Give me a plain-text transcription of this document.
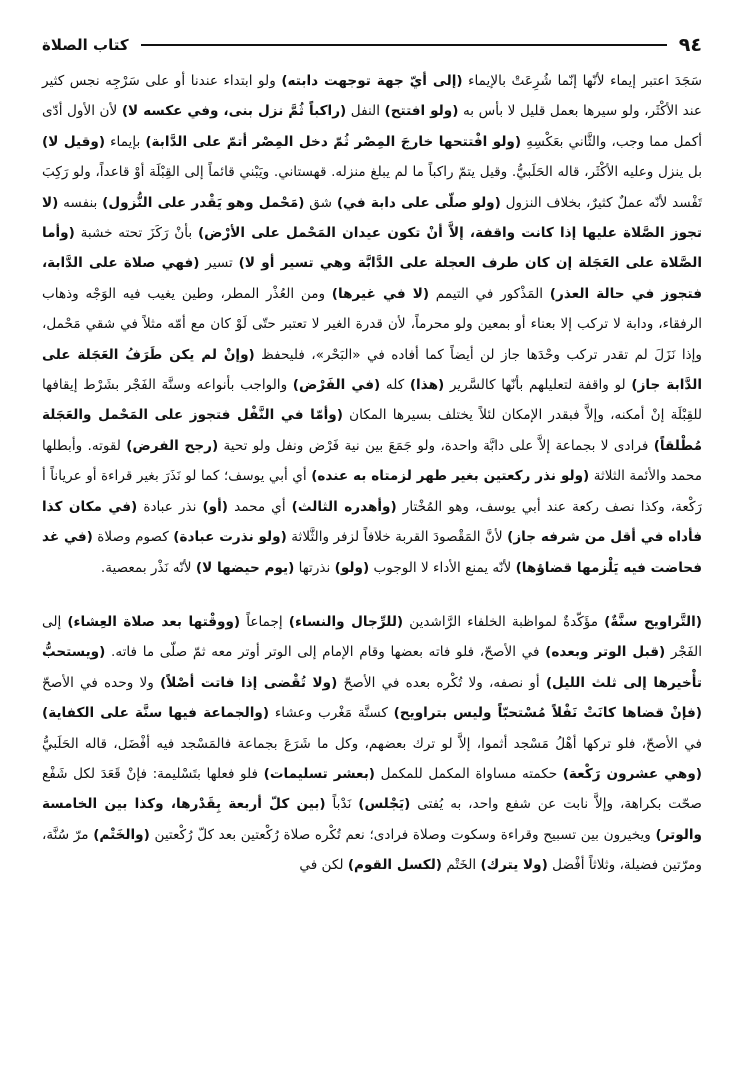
٩٤
كتاب الصلاة

سَجَدَ اعتبر إيماء لأنّها إنّما شُرِعَتْ بالإيماء (إلى أيّ جهة توجهت دابته) ولو ابتداء عندنا أو على سَرْجِه نجس كثير عند الأكْثَر، ولو سيرها بعمل قليل لا بأس به (ولو افتتح) النفل (راكباً ثُمَّ نزل بنى، وفي عكسه لا) لأن الأول أدّى أكمل مما وجب، والثَّاني بعَكْسِهِ (ولو افْتتحها خارجَ المِصْر ثُمّ دخل المِصْر أتمّ على الدَّابة) بإيماء (وقيل لا) بل ينزل وعليه الأكْثَر، قاله الحَلَبيُّ. وقيل يتمّ راكباً ما لم يبلغ منزله. قهستاني. ويَبْني قائماً إلى القِبْلَة أوْ قاعداً، ولو رَكِبَ تَفْسد لأنّه عملٌ كثيرٌ، بخلاف النزول (ولو صلّى على دابة في) شق (مَحْمل وهو يَقْدر على النُّزول) بنفسه (لا تجوز الصَّلاة عليها إذا كانت واقفة، إلاَّ أنْ تكون عيدان المَحْمل على الأرْض) بأنْ رَكَزَ تحته خشبة (وأما الصَّلاة على العَجَلة إن كان طرف العجلة على الدَّابَّة وهي تسير أو لا) تسير (فهي صلاة على الدَّابة، فتجوز في حالة العذر) المَذْكور في التيمم (لا في غيرها) ومن العُذْر المطر، وطين يغيب فيه الوَجْه وذهاب الرفقاء، ودابة لا تركب إلا بعناء أو بمعين ولو محرماً، لأن قدرة الغير لا تعتبر حتّى لَوْ كان مع أمّه مثلاً في شقي مَحْمل، وإذا نَزَلَ لم تقدر تركب وحْدَها جاز لن أيضاً كما أفاده في «البَحْر»، فليحفظ (وإنْ لم يكن طَرَفُ العَجَلة على الدَّابة جاز) لو واقفة لتعليلهم بأنّها كالسَّرير (هذا) كله (في الفَرْض) والواجب بأنواعه وسنَّة الفَجْر بشَرْط إيقافها للقِبْلَة إنْ أمكنه، وإلاَّ فبقدر الإمكان لئلاً يختلف بسيرها المكان (وأمّا في النَّفْل فتجوز على المَحْمل والعَجَلة مُطْلقاً) فرادى لا بجماعة إلاَّ على دابَّة واحدة، ولو جَمَعَ بين نية فَرْض ونفل ولو تحية (رجح الفرض) لقوته. وأبطلها محمد والأئمة الثلاثة (ولو نذر ركعتين بغير طهر لزمتاه به عنده) أي أبي يوسف؛ كما لو نَذَرَ بغير قراءة أو عرياناً أ رَكْعة، وكذا نصف ركعة عند أبي يوسف، وهو المُخْتار (وأهدره الثالث) أي محمد (أو) نذر عبادة (في مكان كذا فأداه في أقل من شرفه جاز) لأنَّ المَقْصودَ القربة خلافاً لزفر والثَّلاثة (ولو نذرت عبادة) كصوم وصلاة (في غد فحاضت فيه يَلْزمها قضاؤها) لأنّه يمنع الأداء لا الوجوب (ولو) نذرتها (يوم حيضها لا) لأنّه نَذْر بمعصية.

(التَّراويح سنَّةٌ) مؤَكّدةٌ لمواظبة الخلفاء الرَّاشدين (للرِّجال والنساء) إجماعاً (ووقْتها بعد صلاة العِشاء) إلى الفَجْر (قبل الوتر وبعده) في الأصحّ، فلو فاته بعضها وقام الإمام إلى الوتر أوتر معه ثمّ صلّى ما فاته. (ويستحبُّ تأْخيرها إلى ثلث الليل) أو نصفه، ولا تُكْره بعده في الأصحّ (ولا تُقْضى إذا فاتت أصْلاً) ولا وحده في الأصحّ (فإنْ قضاها كانَتْ نَفْلاً مُسْتحبّاً وليس بتراويح) كسنَّة مَغْرب وعشاء (والجماعة فيها سنَّة على الكفاية) في الأصحّ، فلو تركها أهْلُ مَسْجد أثموا، إلاَّ لو ترك بعضهم، وكل ما شَرَعَ بجماعة فالمَسْجد فيه أفْضَل، قاله الحَلَبيُّ (وهي عشرون رَكْعة) حكمته مساواة المكمل للمكمل (بعشر تسليمات) فلو فعلها بتَسْليمة: فإنْ قَعَدَ لكل شَفْع صحّت بكراهة، وإلاَّ نابت عن شفع واحد، به يُفتى (يَجْلس) نَدْباً (بين كلّ أربعة بِقَدْرها، وكذا بين الخامسة والوتر) ويخيرون بين تسبيح وقراءة وسكوت وصلاة فرادى؛ نعم تُكْره صلاة رُكْعتين بعد كلّ رُكْعتين (والخَتْم) مرّ سُنَّة، ومرّتين فضيلة، وثلاثاً أفْضل (ولا يترك) الخَتْم (لكسل القوم) لكن في
